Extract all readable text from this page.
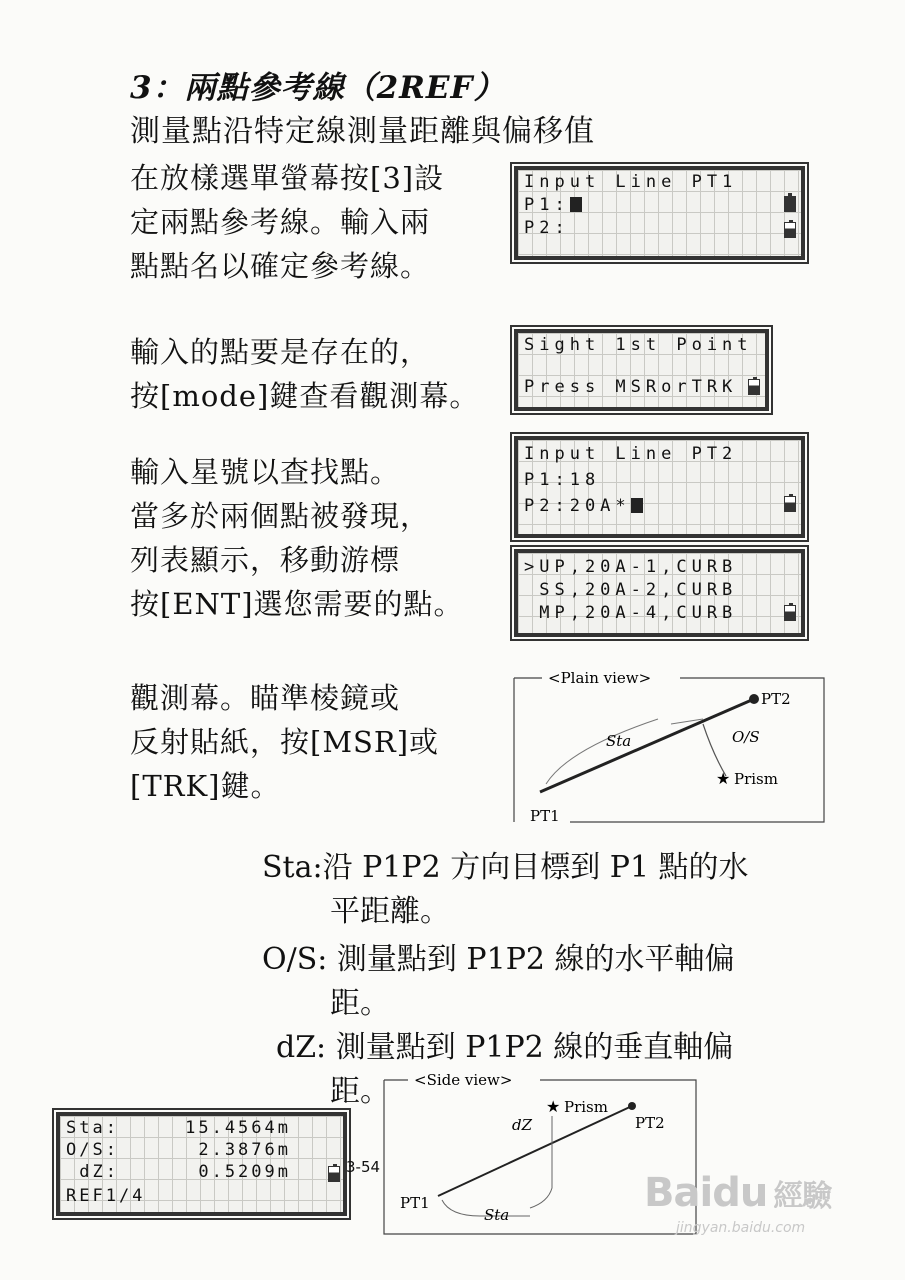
3：兩點參考線（2REF）
測量點沿特定線測量距離與偏移值
在放樣選單螢幕按[3]設
定兩點參考線。輸入兩
點點名以確定參考線。
Input Line PT1
P1:
P2:
輸入的點要是存在的，
按[mode]鍵查看觀測幕。
Sight 1st Point
Press MSRorTRK
輸入星號以查找點。
當多於兩個點被發現，
列表顯示，移動游標
按[ENT]選您需要的點。
Input Line PT2
P1:18
P2:20A*
>UP,20A-1,CURB
SS,20A-2,CURB
MP,20A-4,CURB
觀測幕。瞄準棱鏡或
反射貼紙，按[MSR]或
[TRK]鍵。
<Plain view>
PT2
Sta	O/S
★ Prism
PT1
Sta:沿 P1P2 方向目標到 P1 點的水
平距離。
O/S: 測量點到 P1P2 線的水平軸偏
距。
dZ: 測量點到 P1P2 線的垂直軸偏
距。	<Side view>
PT2
★ Prism
dZ
Sta
PT1
Sta:     15.4564m
O/S:      2.3876m
dZ:      0.5209m
REF1/4
3-54
Baidu 經驗
jingyan.baidu.com
